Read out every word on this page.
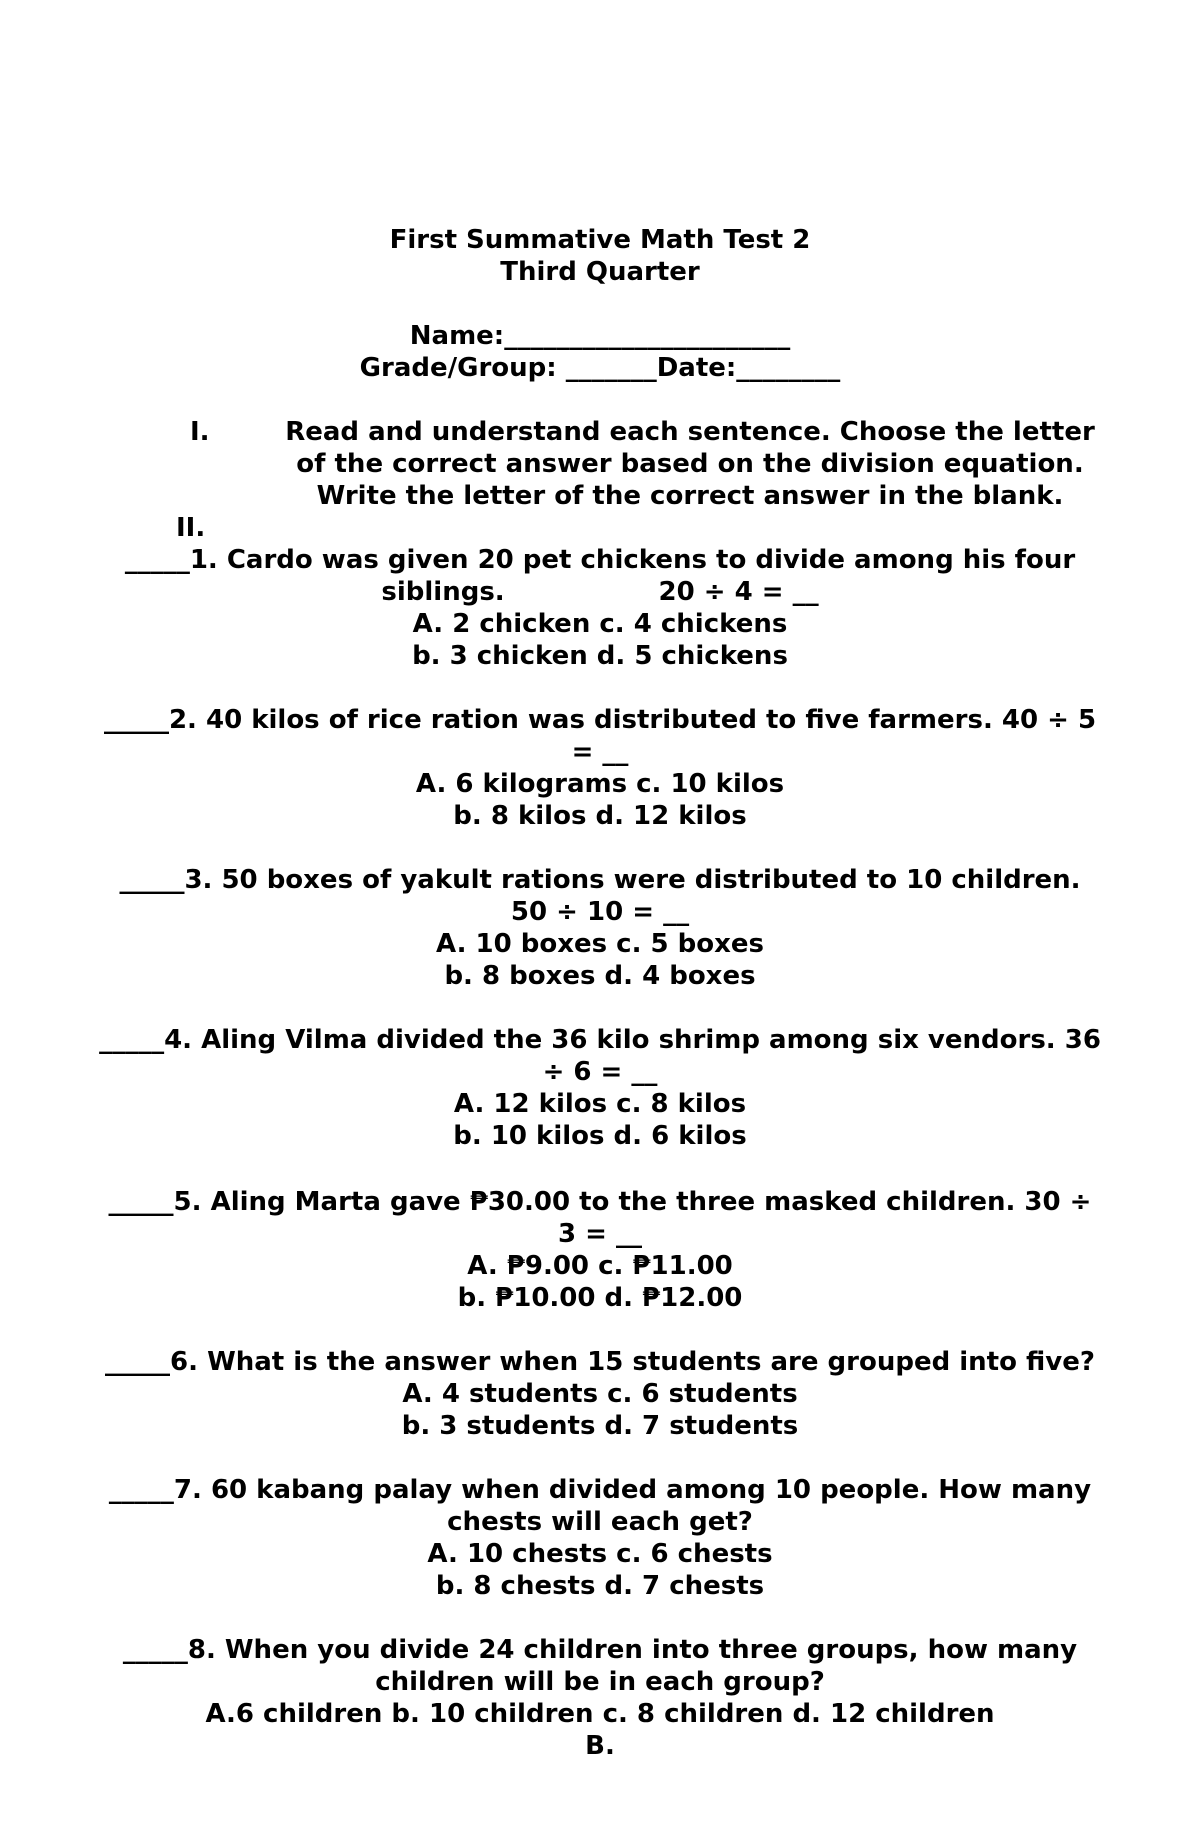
First Summative Math Test 2
Third Quarter
Name:______________________
Grade/Group: _______Date:________
I.	Read and understand each sentence. Choose the letter
of the correct answer based on the division equation.
Write the letter of the correct answer in the blank.
II.
_____1. Cardo was given 20 pet chickens to divide among his four
siblings.                 20 ÷ 4 = __
A. 2 chicken c. 4 chickens
b. 3 chicken d. 5 chickens
_____2. 40 kilos of rice ration was distributed to five farmers. 40 ÷ 5
= __
A. 6 kilograms c. 10 kilos
b. 8 kilos d. 12 kilos
_____3. 50 boxes of yakult rations were distributed to 10 children.
50 ÷ 10 = __
A. 10 boxes c. 5 boxes
b. 8 boxes d. 4 boxes
_____4. Aling Vilma divided the 36 kilo shrimp among six vendors. 36
÷ 6 = __
A. 12 kilos c. 8 kilos
b. 10 kilos d. 6 kilos
_____5. Aling Marta gave ₱30.00 to the three masked children. 30 ÷
3 = __
A. ₱9.00 c. ₱11.00
b. ₱10.00 d. ₱12.00
_____6. What is the answer when 15 students are grouped into five?
A. 4 students c. 6 students
b. 3 students d. 7 students
_____7. 60 kabang palay when divided among 10 people. How many
chests will each get?
A. 10 chests c. 6 chests
b. 8 chests d. 7 chests
_____8. When you divide 24 children into three groups, how many
children will be in each group?
A.6 children b. 10 children c. 8 children d. 12 children
B.
